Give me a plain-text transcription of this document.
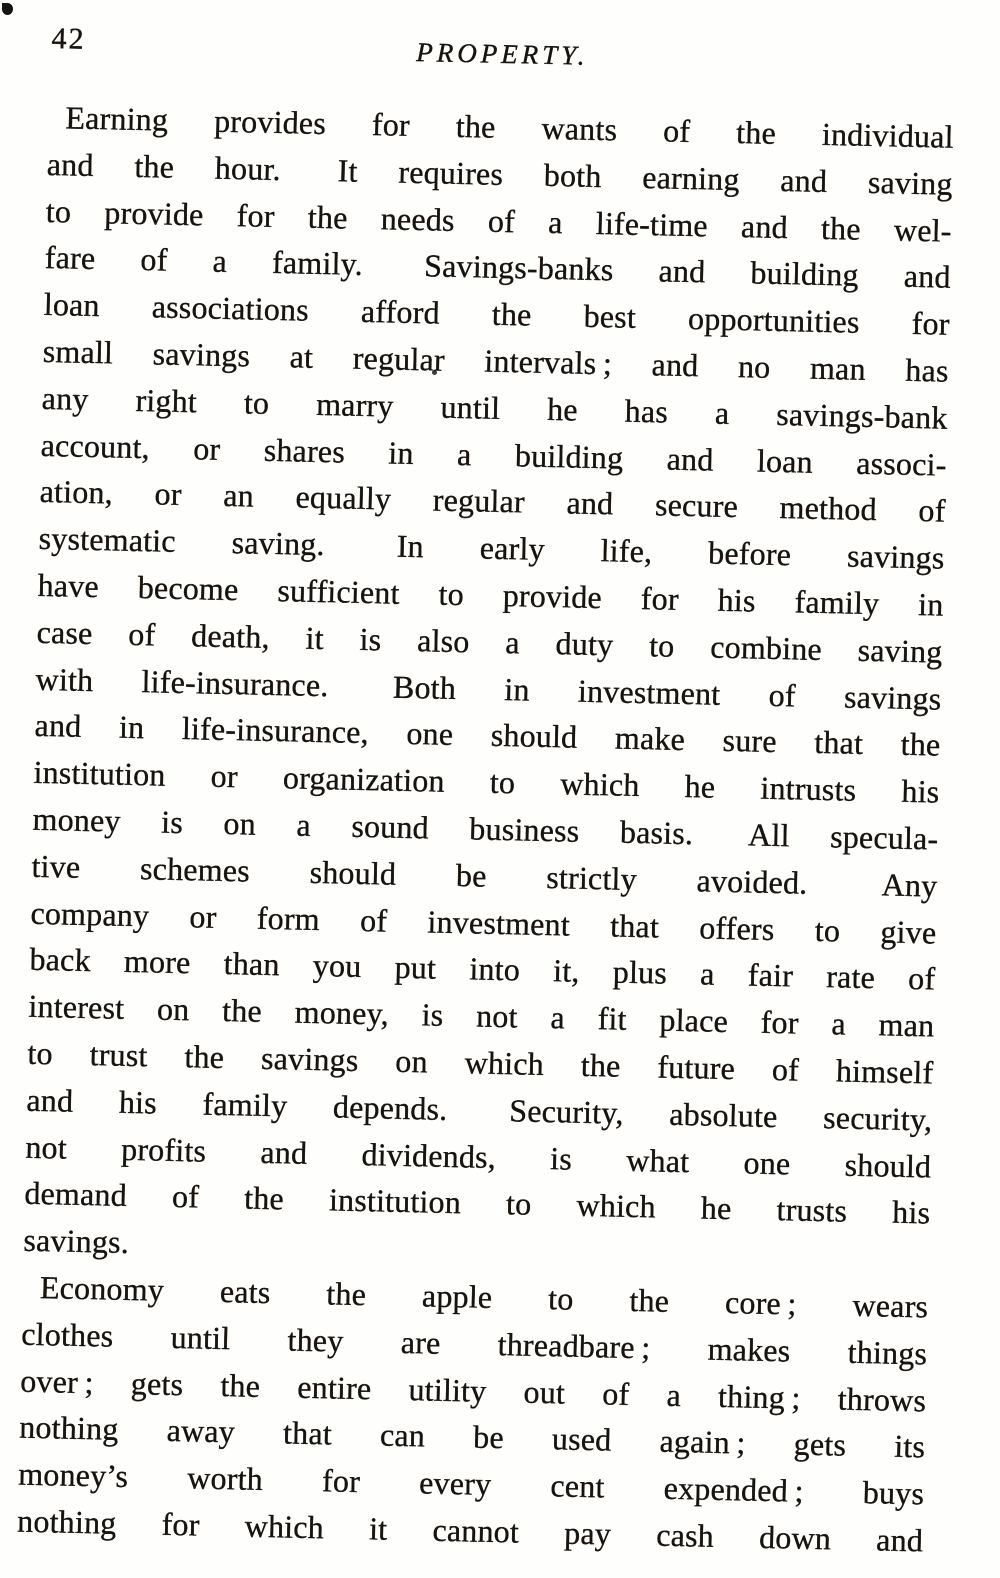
42	PROPERTY.

Earning provides for the wants of the individual
and the hour.  It requires both earning and saving
to provide for the needs of a life-time and the wel-
fare of a family.  Savings-banks and building and
loan associations afford the best opportunities for
small savings at regular intervals ; and no man has
any right to marry until he has a savings-bank
account, or shares in a building and loan associ-
ation, or an equally regular and secure method of
systematic saving.  In early life, before savings
have become sufficient to provide for his family in
case of death, it is also a duty to combine saving
with life-insurance.  Both in investment of savings
and in life-insurance, one should make sure that the
institution or organization to which he intrusts his
money is on a sound business basis.  All specula-
tive schemes should be strictly avoided.  Any
company or form of investment that offers to give
back more than you put into it, plus a fair rate of
interest on the money, is not a fit place for a man
to trust the savings on which the future of himself
and his family depends.  Security, absolute security,
not profits and dividends, is what one should
demand of the institution to which he trusts his
savings.

Economy eats the apple to the core ; wears
clothes until they are threadbare ; makes things
over ; gets the entire utility out of a thing ; throws
nothing away that can be used again ; gets its
money’s worth for every cent expended ; buys
nothing for which it cannot pay cash down and
